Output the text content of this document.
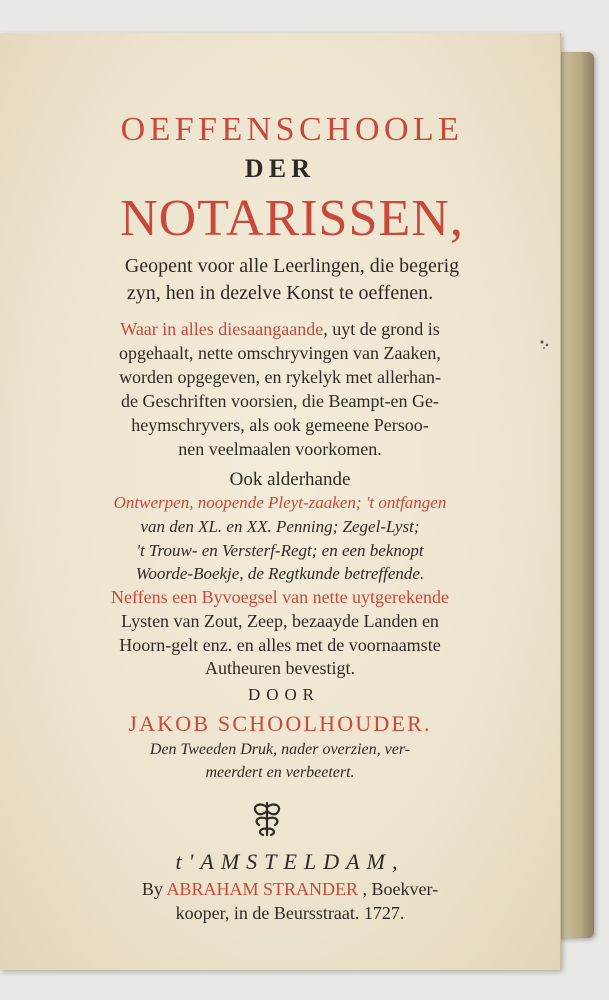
OEFFENSCHOOLE
DER
NOTARISSEN,
Geopent voor alle Leerlingen, die begerig
zyn, hen in dezelve Konst te oeffenen.
Waar in alles diesaangaande, uyt de grond is
opgehaalt, nette omschryvingen van Zaaken,
worden opgegeven, en rykelyk met allerhan-
de Geschriften voorsien, die Beampt-en Ge-
heymschryvers, als ook gemeene Persoo-
nen veelmaalen voorkomen.
Ook alderhande
Ontwerpen, noopende Pleyt-zaaken; 't ontfangen
van den XL. en XX. Penning; Zegel-Lyst;
't Trouw- en Versterf-Regt; en een beknopt
Woorde-Boekje, de Regtkunde betreffende.
Neffens een Byvoegsel van nette uytgerekende
Lysten van Zout, Zeep, bezaayde Landen en
Hoorn-gelt enz. en alles met de voornaamste
Autheuren bevestigt.
DOOR
JAKOB SCHOOLHOUDER.
Den Tweeden Druk, nader overzien, ver-
meerdert en verbeetert.
t'AMSTELDAM,
By ABRAHAM STRANDER , Boekver-
kooper, in de Beursstraat. 1727.
